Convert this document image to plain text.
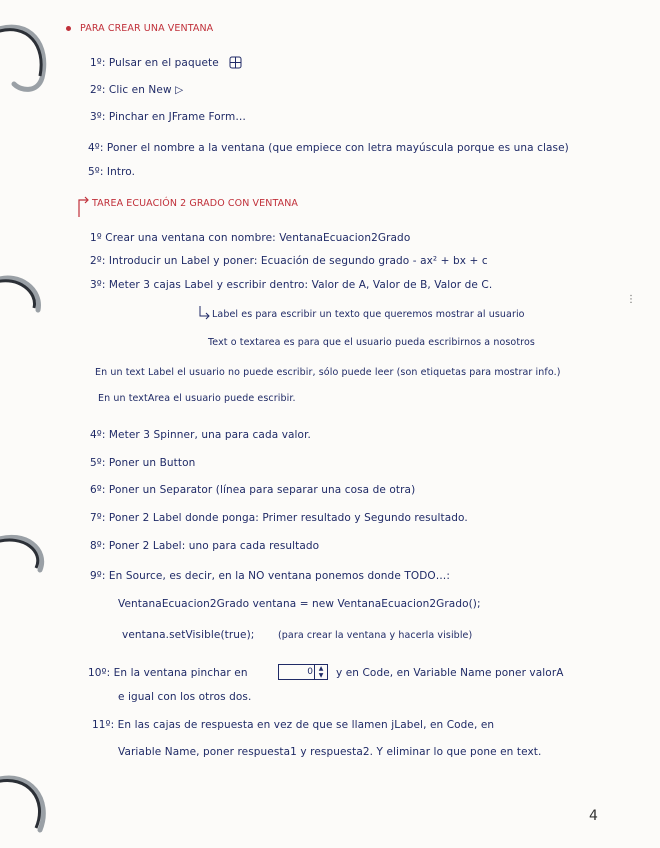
PARA CREAR UNA VENTANA
1º: Pulsar en el paquete
2º: Clic en New ▷
3º: Pinchar en JFrame Form…
4º: Poner el nombre a la ventana (que empiece con letra mayúscula porque es una clase)
5º: Intro.
TAREA ECUACIÓN 2 GRADO CON VENTANA
1º Crear una ventana con nombre: VentanaEcuacion2Grado
2º: Introducir un Label y poner: Ecuación de segundo grado - ax² + bx + c
3º: Meter 3 cajas Label y escribir dentro: Valor de A, Valor de B, Valor de C.
Label es para escribir un texto que queremos mostrar al usuario
Text o textarea es para que el usuario pueda escribirnos a nosotros
En un text Label el usuario no puede escribir, sólo puede leer (son etiquetas para mostrar info.)
En un textArea el usuario puede escribir.
4º: Meter 3 Spinner, una para cada valor.
5º: Poner un Button
6º: Poner un Separator (línea para separar una cosa de otra)
7º: Poner 2 Label donde ponga: Primer resultado y Segundo resultado.
8º: Poner 2 Label: uno para cada resultado
9º: En Source, es decir, en la NO ventana ponemos donde TODO…:
VentanaEcuacion2Grado ventana = new VentanaEcuacion2Grado();
ventana.setVisible(true); (para crear la ventana y hacerla visible)
10º: En la ventana pinchar en	0 ▲
▼	y en Code, en Variable Name poner valorA
e igual con los otros dos.
11º: En las cajas de respuesta en vez de que se llamen jLabel, en Code, en
Variable Name, poner respuesta1 y respuesta2. Y eliminar lo que pone en text.
⋮
4
